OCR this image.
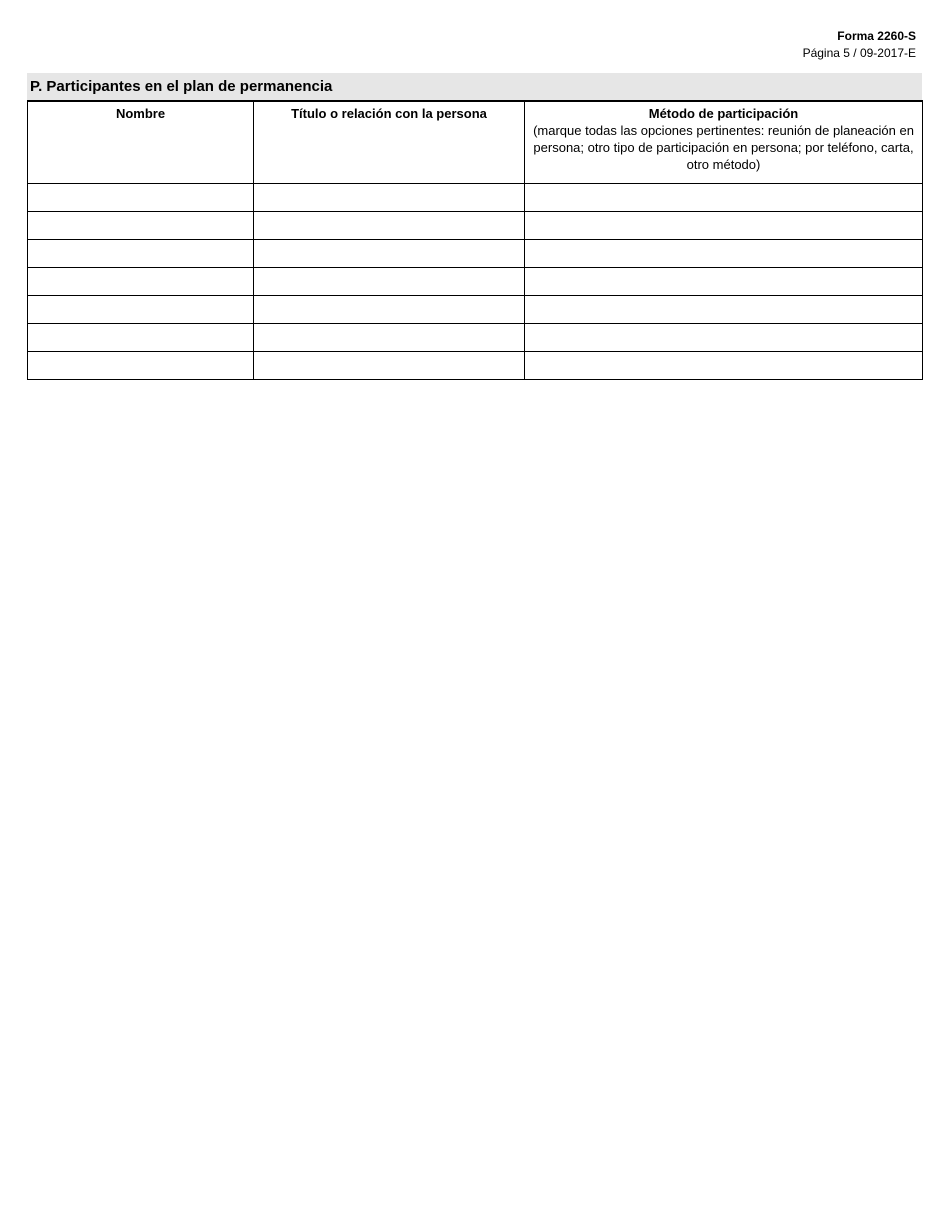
Forma 2260-S
Página 5 / 09-2017-E
P. Participantes en el plan de permanencia
Nombre	Título o relación con la persona	Método de participación
(marque todas las opciones pertinentes: reunión de planeación en persona; otro tipo de participación en persona; por teléfono, carta, otro método)
